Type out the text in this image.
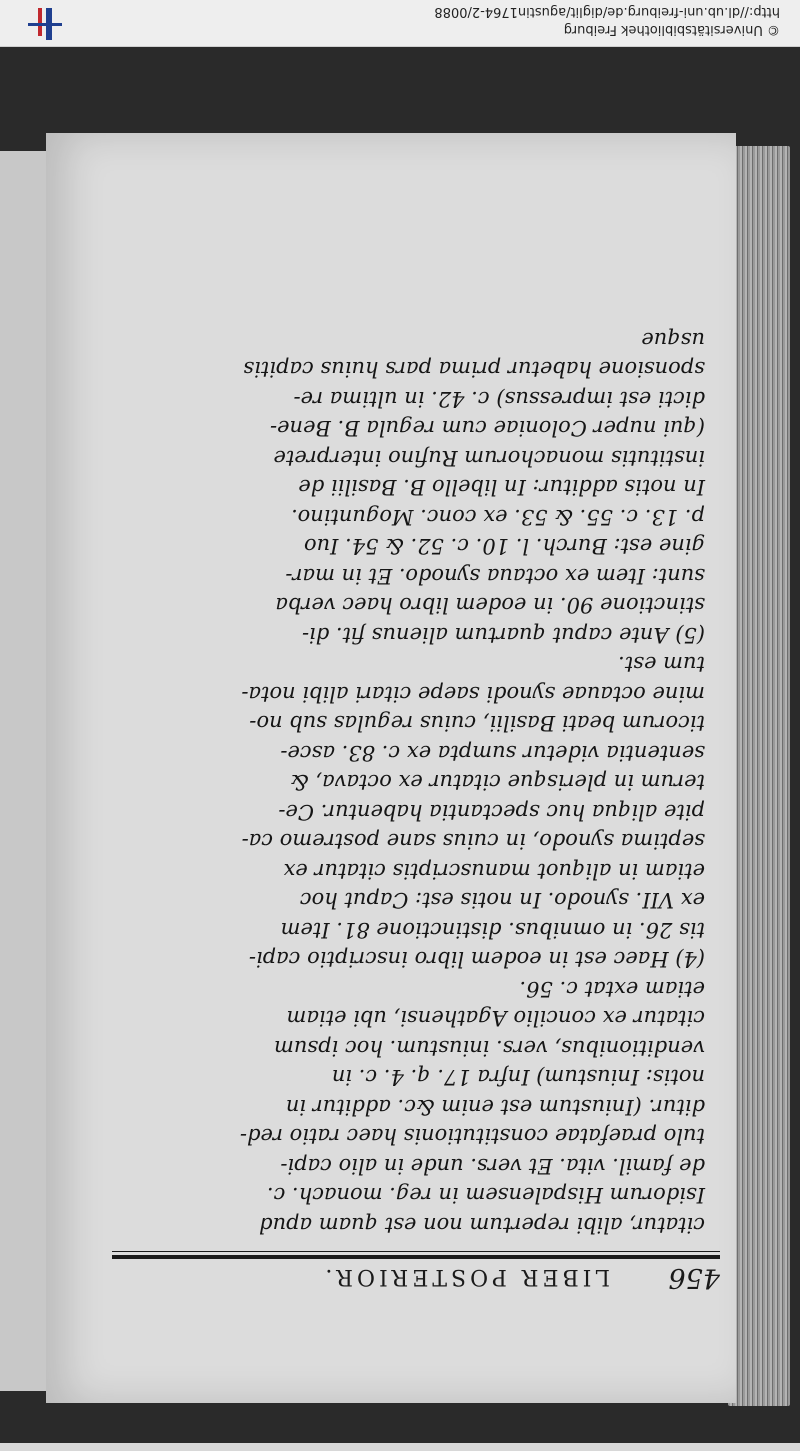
456
LIBER POSTERIOR.
citatur, alibi repertum non est quam apud
Isidorum Hispalensem in reg. monach. c.
de famil. vita. Et vers. unde in alio capi-
tulo praefatae constitutionis haec ratio red-
ditur. (Iniustum est enim &c. additur in
notis: Iniustum) Infra 17. q. 4. c. in
venditionibus, vers. iniustum. hoc ipsum
citatur ex concilio Agathensi, ubi etiam
etiam extat c. 56.
(4) Haec est in eodem libro inscriptio capi-
tis 26. in omnibus. distinctione 81. Item
ex VII. synodo. In notis est: Caput hoc
etiam in aliquot manuscriptis citatur ex
septima synodo, in cuius sane postremo ca-
pite aliqua huc spectantia habentur. Ce-
terum in plerisque citatur ex octava, &
sententia videtur sumpta ex c. 83. asce-
ticorum beati Basilii, cuius regulas sub no-
mine octauae synodi saepe citari alibi nota-
tum est.
(5) Ante caput quartum alienus fit. di-
stinctione 90. in eodem libro haec verba
sunt: Item ex octaua synodo. Et in mar-
gine est: Burch. l. 10. c. 52. & 54. Iuo
p. 13. c. 55. & 53. ex conc. Moguntino.
In notis additur: In libello B. Basilii de
institutis monachorum Rufino interprete
(qui nuper Coloniae cum regula B. Bene-
dicti est impressus) c. 42. in ultima re-
sponsione habetur prima pars huius capitis
usque
© Universitätsbibliothek Freiburg
http://dl.ub.uni-freiburg.de/diglit/agustin1764-2/0088
